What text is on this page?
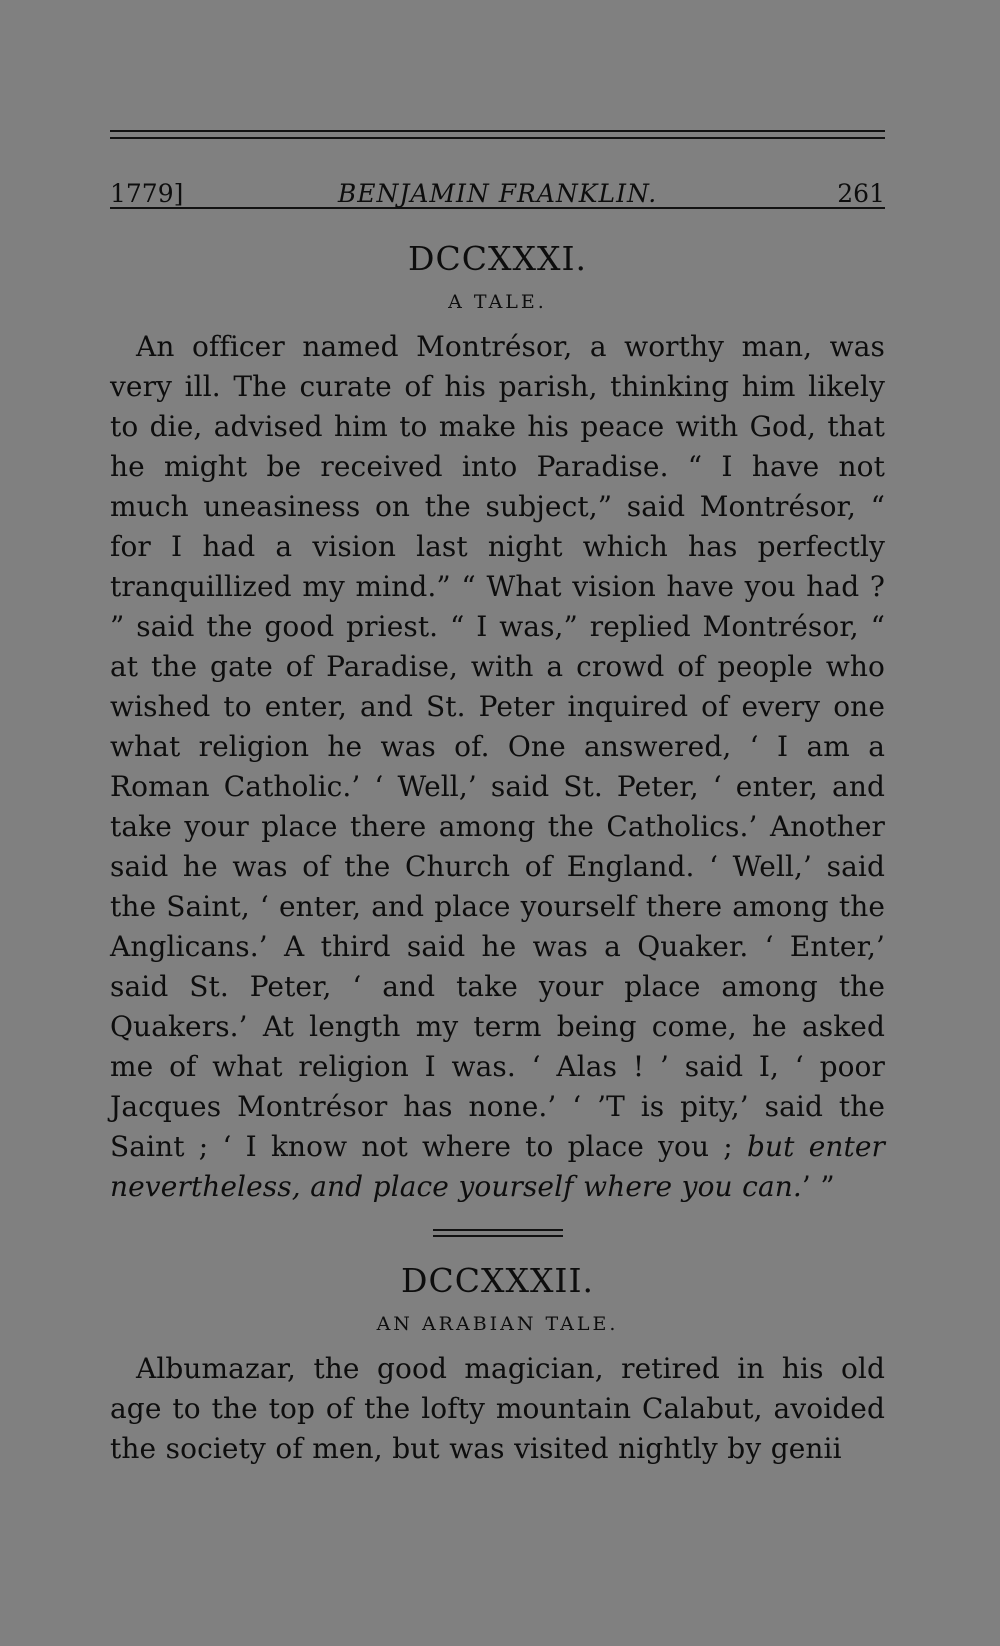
1779]	BENJAMIN FRANKLIN.	261
DCCXXXI.
A TALE.

An officer named Montrésor, a worthy man, was very ill. The curate of his parish, thinking him likely to die, advised him to make his peace with God, that he might be received into Paradise. “ I have not much uneasiness on the subject,” said Montrésor, “ for I had a vision last night which has perfectly tranquillized my mind.” “ What vision have you had ? ” said the good priest. “ I was,” replied Montrésor, “ at the gate of Paradise, with a crowd of people who wished to enter, and St. Peter inquired of every one what religion he was of. One answered, ‘ I am a Roman Catholic.’ ‘ Well,’ said St. Peter, ‘ enter, and take your place there among the Catholics.’ Another said he was of the Church of England. ‘ Well,’ said the Saint, ‘ enter, and place yourself there among the Anglicans.’ A third said he was a Quaker. ‘ Enter,’ said St. Peter, ‘ and take your place among the Quakers.’ At length my term being come, he asked me of what religion I was. ‘ Alas ! ’ said I, ‘ poor Jacques Montrésor has none.’ ‘ ’T is pity,’ said the Saint ; ‘ I know not where to place you ; but enter nevertheless, and place yourself where you can.’ ”

DCCXXXII.
AN ARABIAN TALE.

Albumazar, the good magician, retired in his old age to the top of the lofty mountain Calabut, avoided the society of men, but was visited nightly by genii
